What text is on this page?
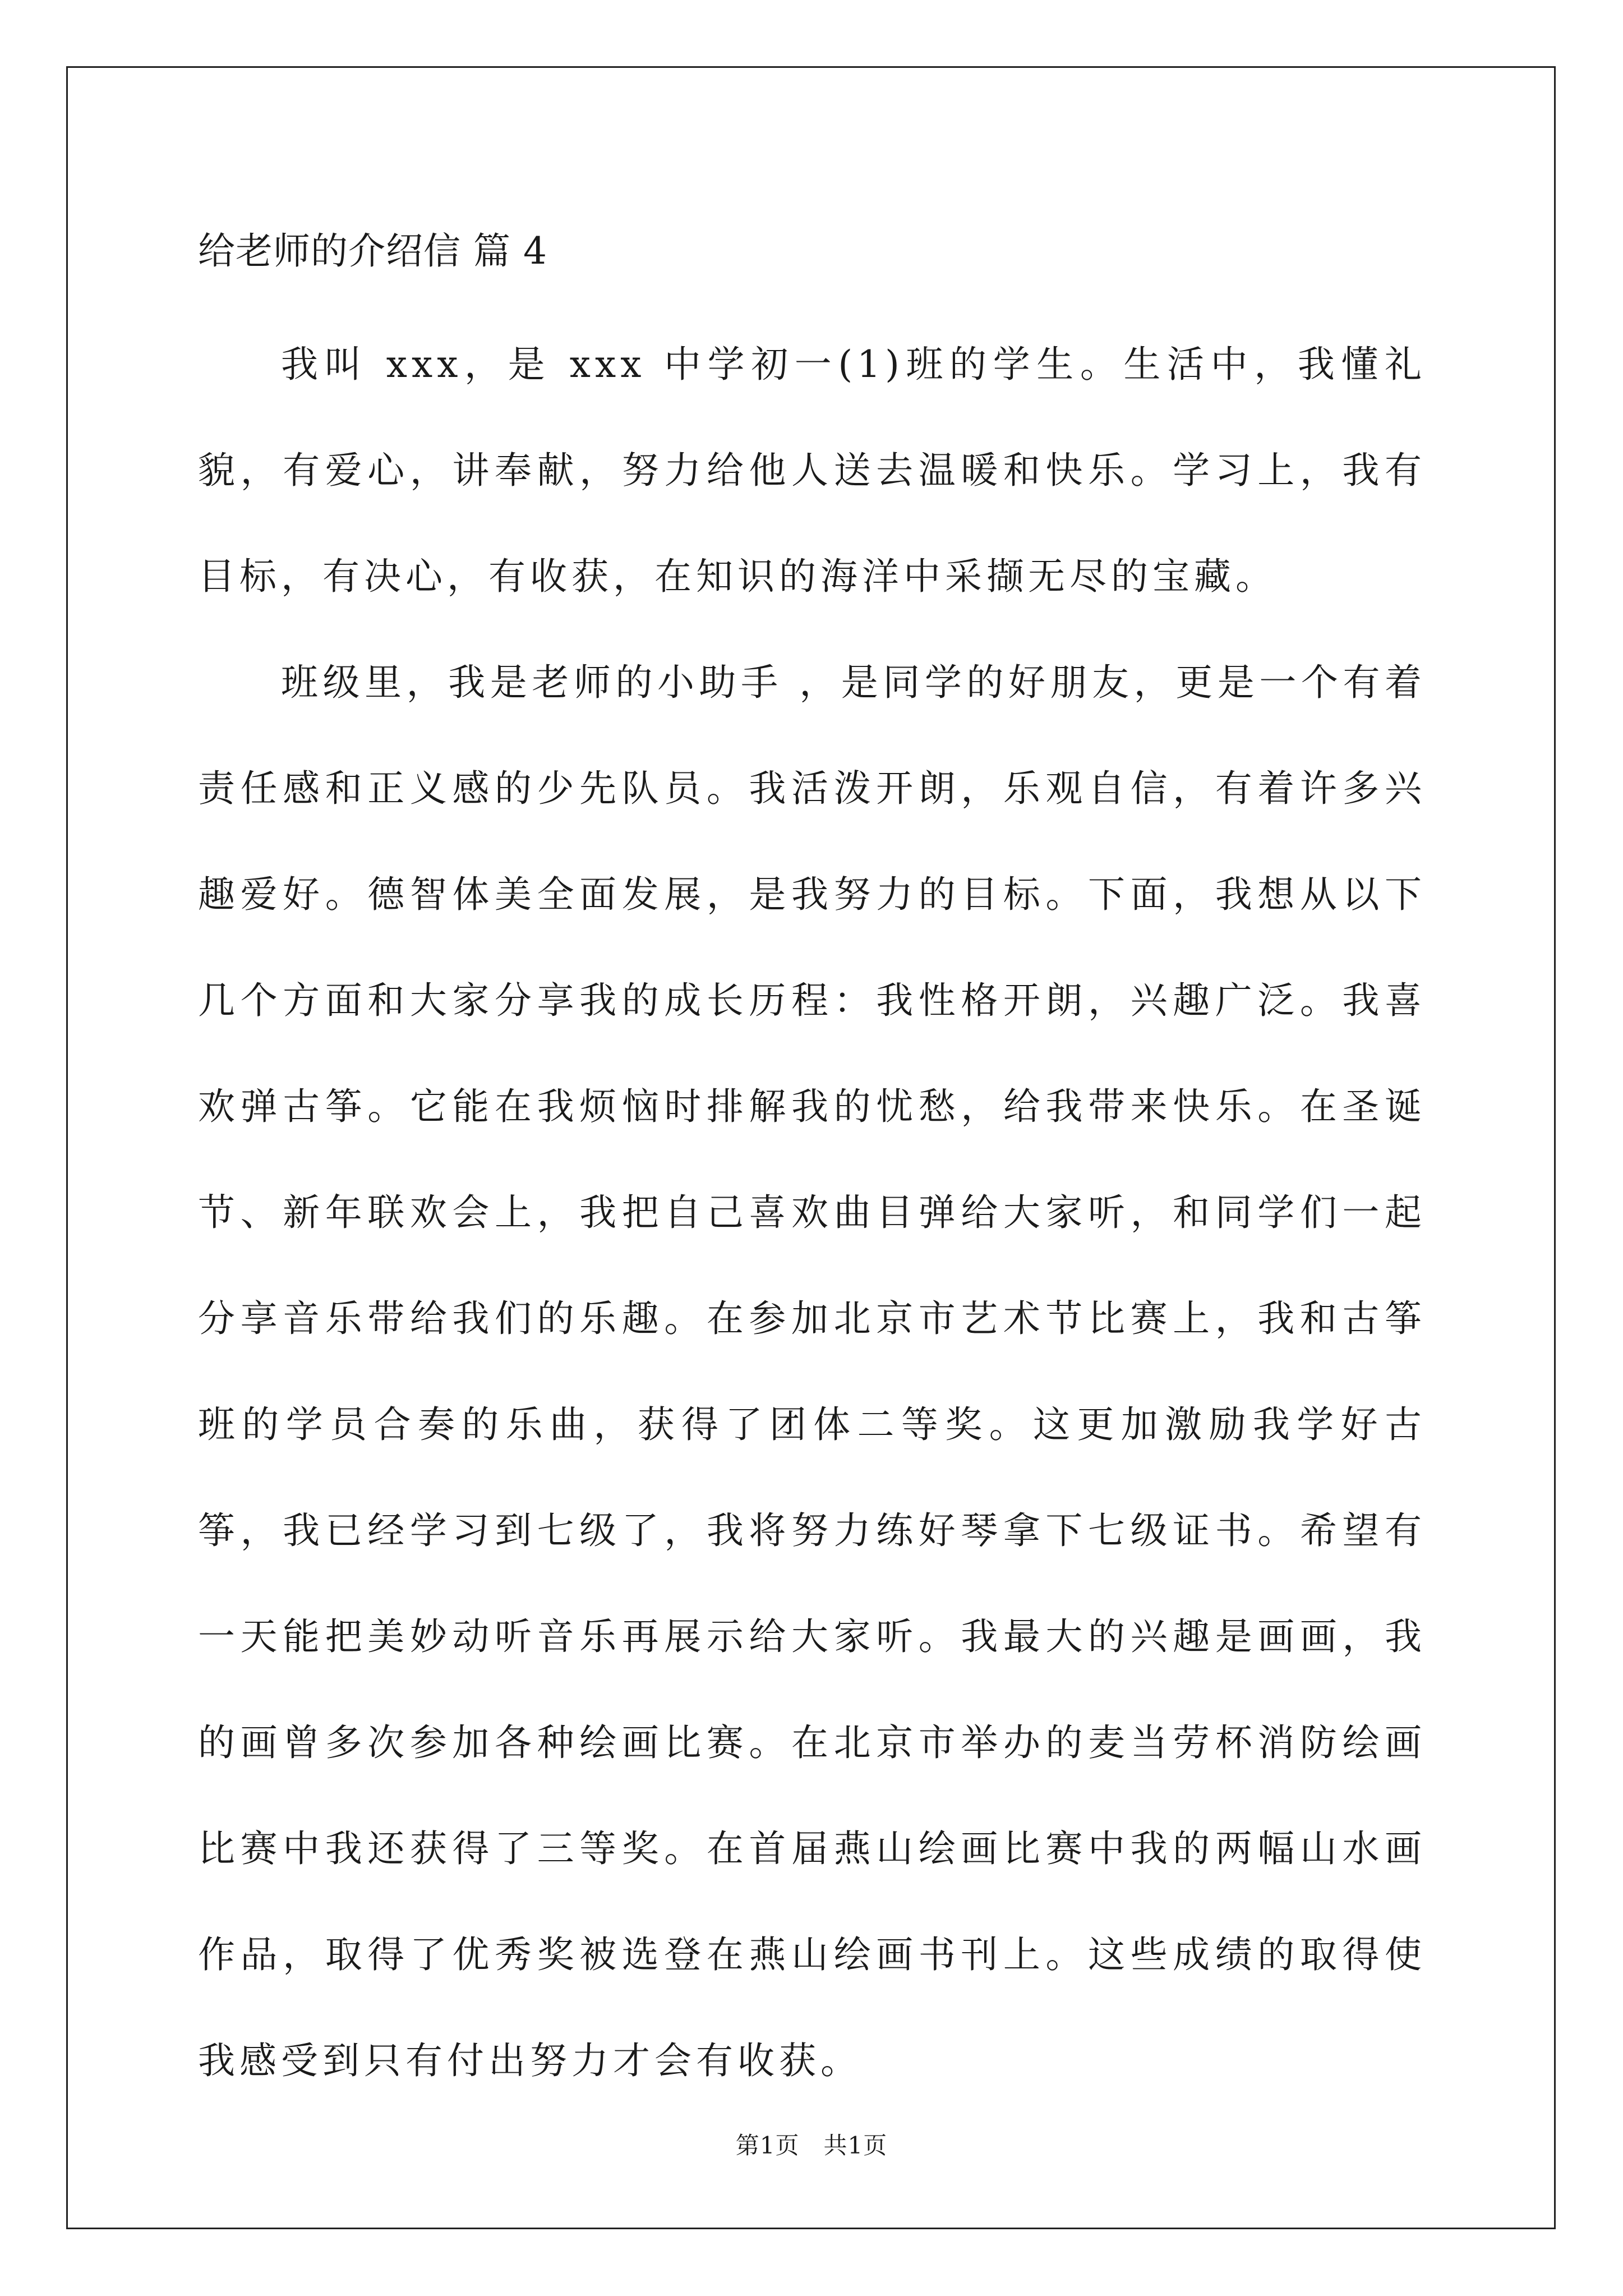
给老师的介绍信 篇 4

我叫 xxx，是 xxx 中学初一(1)班的学生。生活中，我懂礼貌，有爱心，讲奉献，努力给他人送去温暖和快乐。学习上，我有目标，有决心，有收获，在知识的海洋中采撷无尽的宝藏。

班级里，我是老师的小助手 ，是同学的好朋友，更是一个有着责任感和正义感的少先队员。我活泼开朗，乐观自信，有着许多兴趣爱好。德智体美全面发展，是我努力的目标。下面，我想从以下几个方面和大家分享我的成长历程：我性格开朗，兴趣广泛。我喜欢弹古筝。它能在我烦恼时排解我的忧愁，给我带来快乐。在圣诞节、新年联欢会上，我把自己喜欢曲目弹给大家听，和同学们一起分享音乐带给我们的乐趣。在参加北京市艺术节比赛上，我和古筝班的学员合奏的乐曲，获得了团体二等奖。这更加激励我学好古筝，我已经学习到七级了，我将努力练好琴拿下七级证书。希望有一天能把美妙动听音乐再展示给大家听。我最大的兴趣是画画，我的画曾多次参加各种绘画比赛。在北京市举办的麦当劳杯消防绘画比赛中我还获得了三等奖。在首届燕山绘画比赛中我的两幅山水画作品，取得了优秀奖被选登在燕山绘画书刊上。这些成绩的取得使我感受到只有付出努力才会有收获。

第1页   共1页
